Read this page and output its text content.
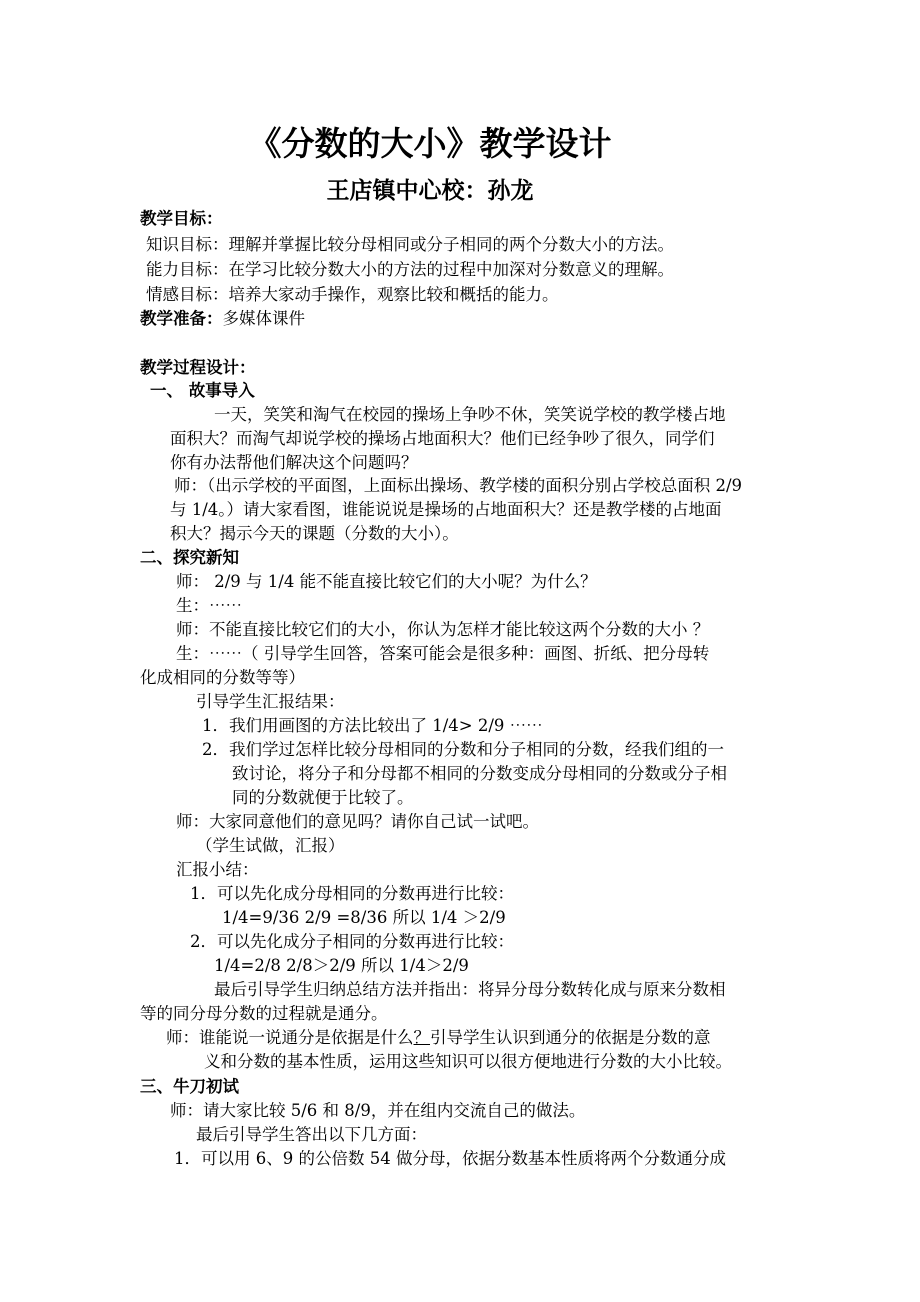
《分数的大小》教学设计
王店镇中心校：孙龙
教学目标：
知识目标：理解并掌握比较分母相同或分子相同的两个分数大小的方法。
能力目标：在学习比较分数大小的方法的过程中加深对分数意义的理解。
情感目标：培养大家动手操作，观察比较和概括的能力。
教学准备：多媒体课件
教学过程设计：
一、 故事导入
一天，笑笑和淘气在校园的操场上争吵不休，笑笑说学校的教学楼占地
面积大？而淘气却说学校的操场占地面积大？他们已经争吵了很久，同学们
你有办法帮他们解决这个问题吗？
师：（出示学校的平面图，上面标出操场、教学楼的面积分别占学校总面积 2/9
与 1/4。）请大家看图，谁能说说是操场的占地面积大？还是教学楼的占地面
积大？揭示今天的课题（分数的大小）。
二、探究新知
师： 2/9 与 1/4 能不能直接比较它们的大小呢？为什么？
生：⋯⋯
师：不能直接比较它们的大小，你认为怎样才能比较这两个分数的大小 ？
生：⋯⋯（ 引导学生回答，答案可能会是很多种：画图、折纸、把分母转
化成相同的分数等等）
引导学生汇报结果：
1．我们用画图的方法比较出了 1/4> 2/9 ⋯⋯
2．我们学过怎样比较分母相同的分数和分子相同的分数，经我们组的一
致讨论，将分子和分母都不相同的分数变成分母相同的分数或分子相
同的分数就便于比较了。
师：大家同意他们的意见吗？请你自己试一试吧。
（学生试做，汇报）
汇报小结：
1．可以先化成分母相同的分数再进行比较：
1/4=9/36 2/9 =8/36 所以 1/4 ＞2/9
2．可以先化成分子相同的分数再进行比较：
1/4=2/8 2/8＞2/9 所以 1/4＞2/9
最后引导学生归纳总结方法并指出：将异分母分数转化成与原来分数相
等的同分母分数的过程就是通分。
师：谁能说一说通分是依据是什么？引导学生认识到通分的依据是分数的意
义和分数的基本性质，运用这些知识可以很方便地进行分数的大小比较。
三、牛刀初试
师：请大家比较 5/6 和 8/9，并在组内交流自己的做法。
最后引导学生答出以下几方面：
1．可以用 6、9 的公倍数 54 做分母，依据分数基本性质将两个分数通分成
